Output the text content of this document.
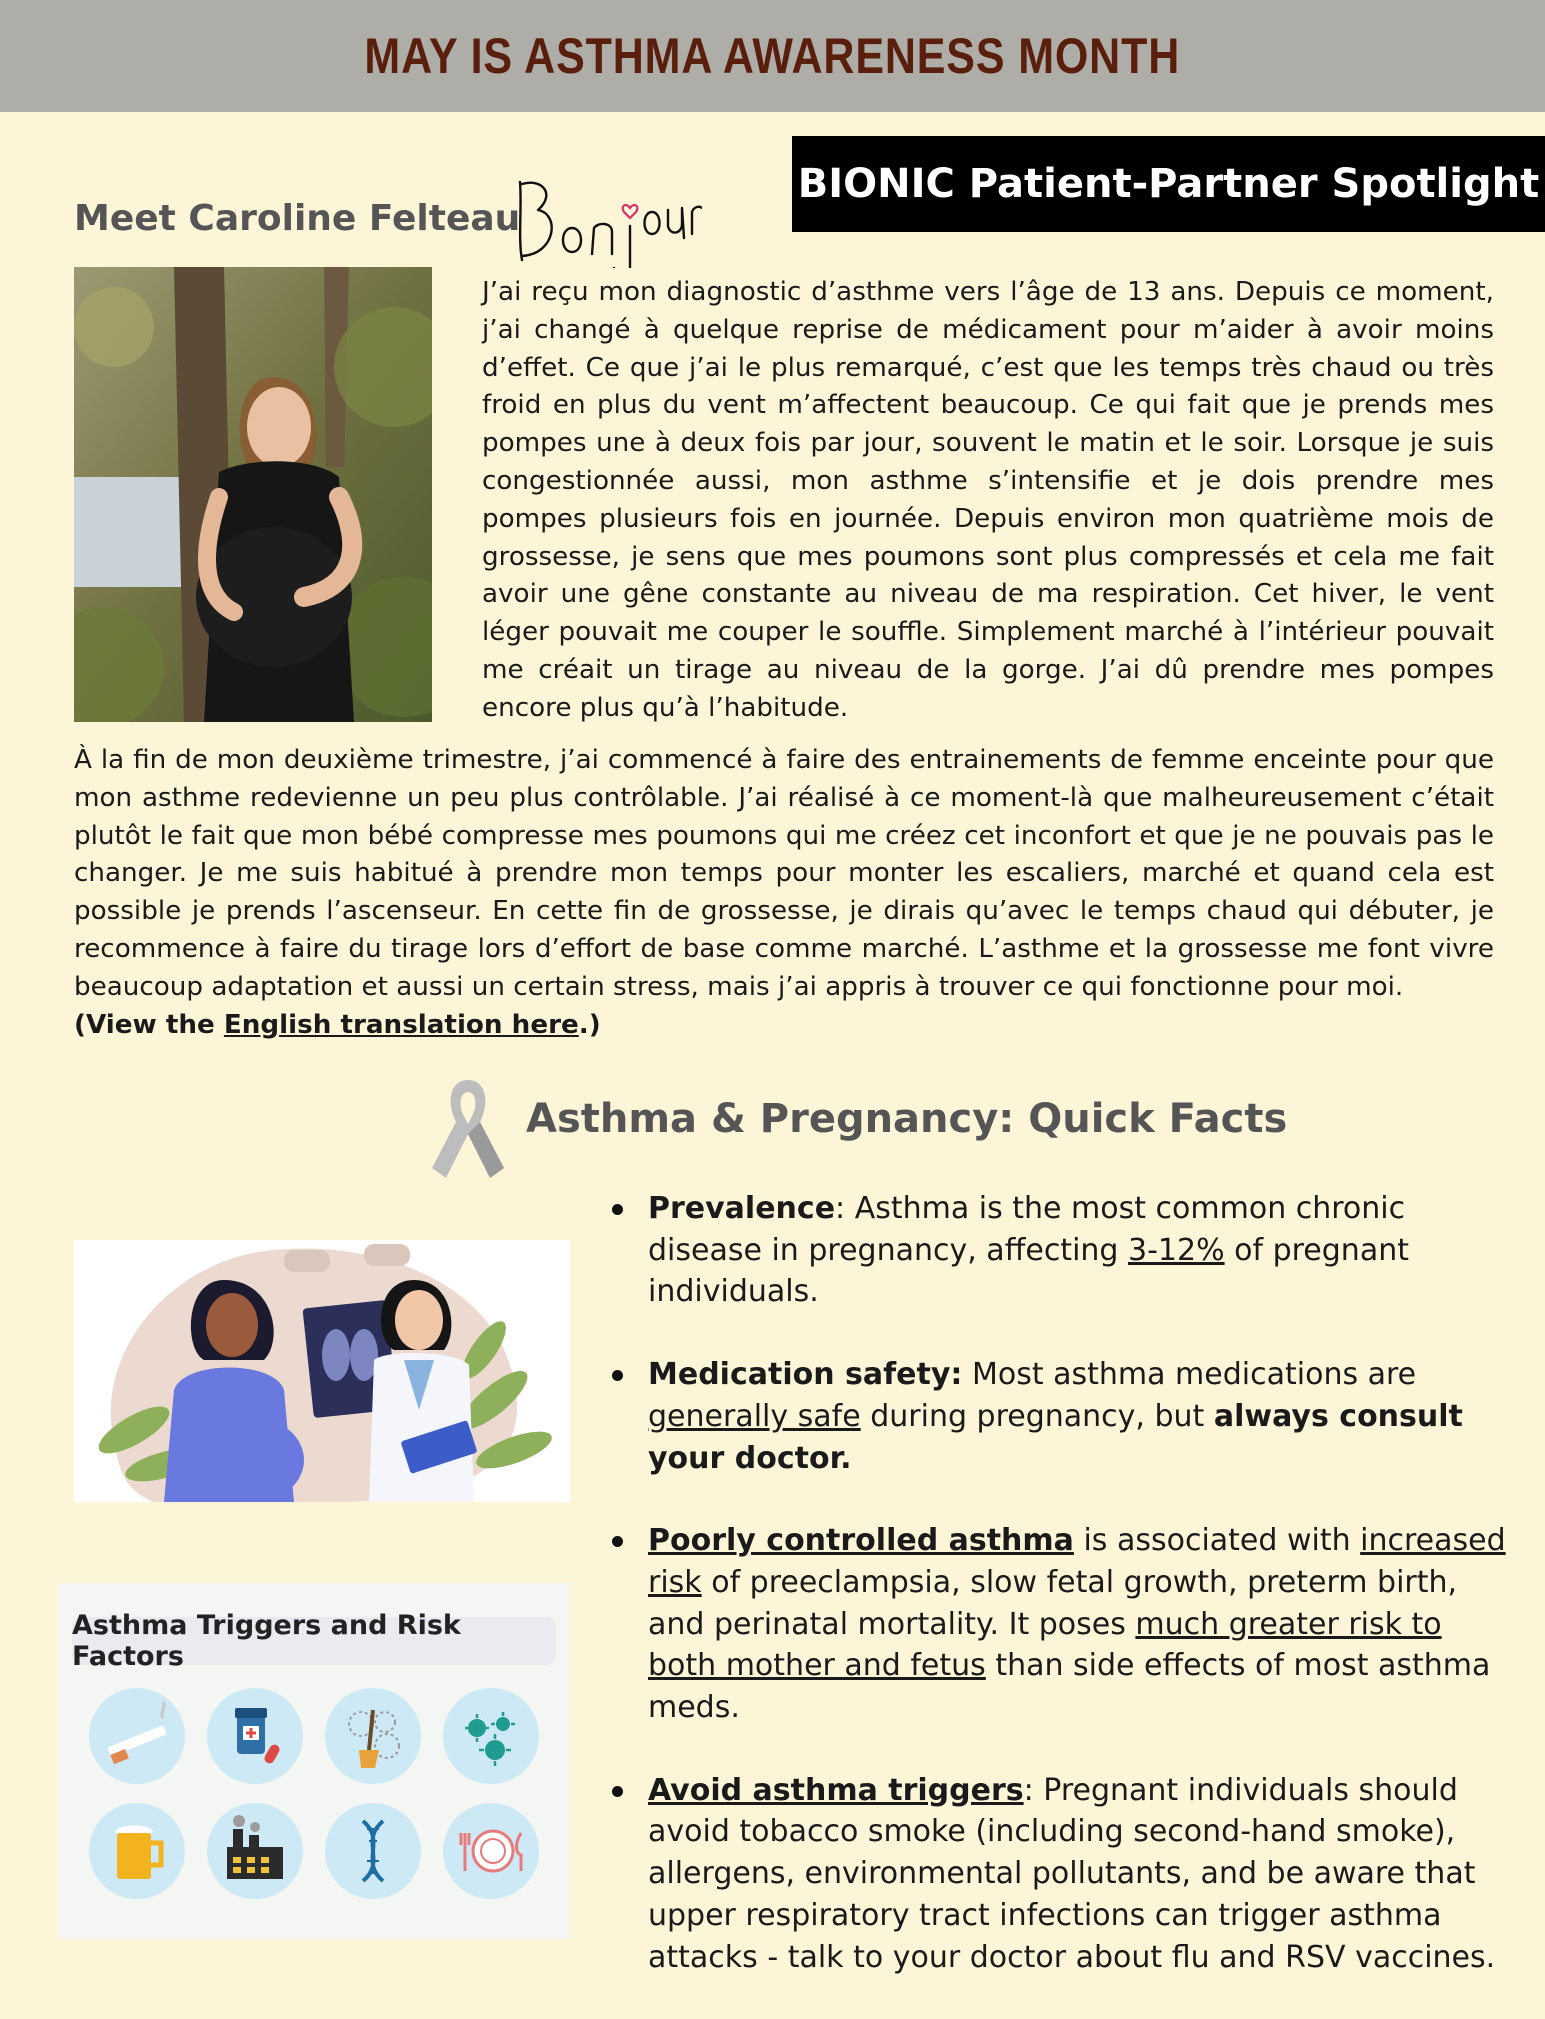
MAY IS ASTHMA AWARENESS MONTH
BIONIC Patient-Partner Spotlight
Meet Caroline Felteau

J’ai reçu mon diagnostic d’asthme vers l’âge de 13 ans. Depuis ce moment, j’ai changé à quelque reprise de médicament pour m’aider à avoir moins d’effet. Ce que j’ai le plus remarqué, c’est que les temps très chaud ou très froid en plus du vent m’affectent beaucoup. Ce qui fait que je prends mes pompes une à deux fois par jour, souvent le matin et le soir. Lorsque je suis congestionnée aussi, mon asthme s’intensifie et je dois prendre mes pompes plusieurs fois en journée. Depuis environ mon quatrième mois de grossesse, je sens que mes poumons sont plus compressés et cela me fait avoir une gêne constante au niveau de ma respiration. Cet hiver, le vent léger pouvait me couper le souffle. Simplement marché à l’intérieur pouvait me créait un tirage au niveau de la gorge. J’ai dû prendre mes pompes encore plus qu’à l’habitude.

À la fin de mon deuxième trimestre, j’ai commencé à faire des entrainements de femme enceinte pour que mon asthme redevienne un peu plus contrôlable. J’ai réalisé à ce moment-là que malheureusement c’était plutôt le fait que mon bébé compresse mes poumons qui me créez cet inconfort et que je ne pouvais pas le changer. Je me suis habitué à prendre mon temps pour monter les escaliers, marché et quand cela est possible je prends l’ascenseur. En cette fin de grossesse, je dirais qu’avec le temps chaud qui débuter, je recommence à faire du tirage lors d’effort de base comme marché. L’asthme et la grossesse me font vivre beaucoup adaptation et aussi un certain stress, mais j’ai appris à trouver ce qui fonctionne pour moi.
(View the English translation here.)
Asthma & Pregnancy: Quick Facts
Asthma Triggers and Risk Factors
Prevalence: Asthma is the most common chronic disease in pregnancy, affecting 3-12% of pregnant individuals.
Medication safety: Most asthma medications are generally safe during pregnancy, but always consult your doctor.
Poorly controlled asthma is associated with increased risk of preeclampsia, slow fetal growth, preterm birth, and perinatal mortality. It poses much greater risk to both mother and fetus than side effects of most asthma meds.
Avoid asthma triggers: Pregnant individuals should avoid tobacco smoke (including second-hand smoke), allergens, environmental pollutants, and be aware that upper respiratory tract infections can trigger asthma attacks - talk to your doctor about flu and RSV vaccines.
